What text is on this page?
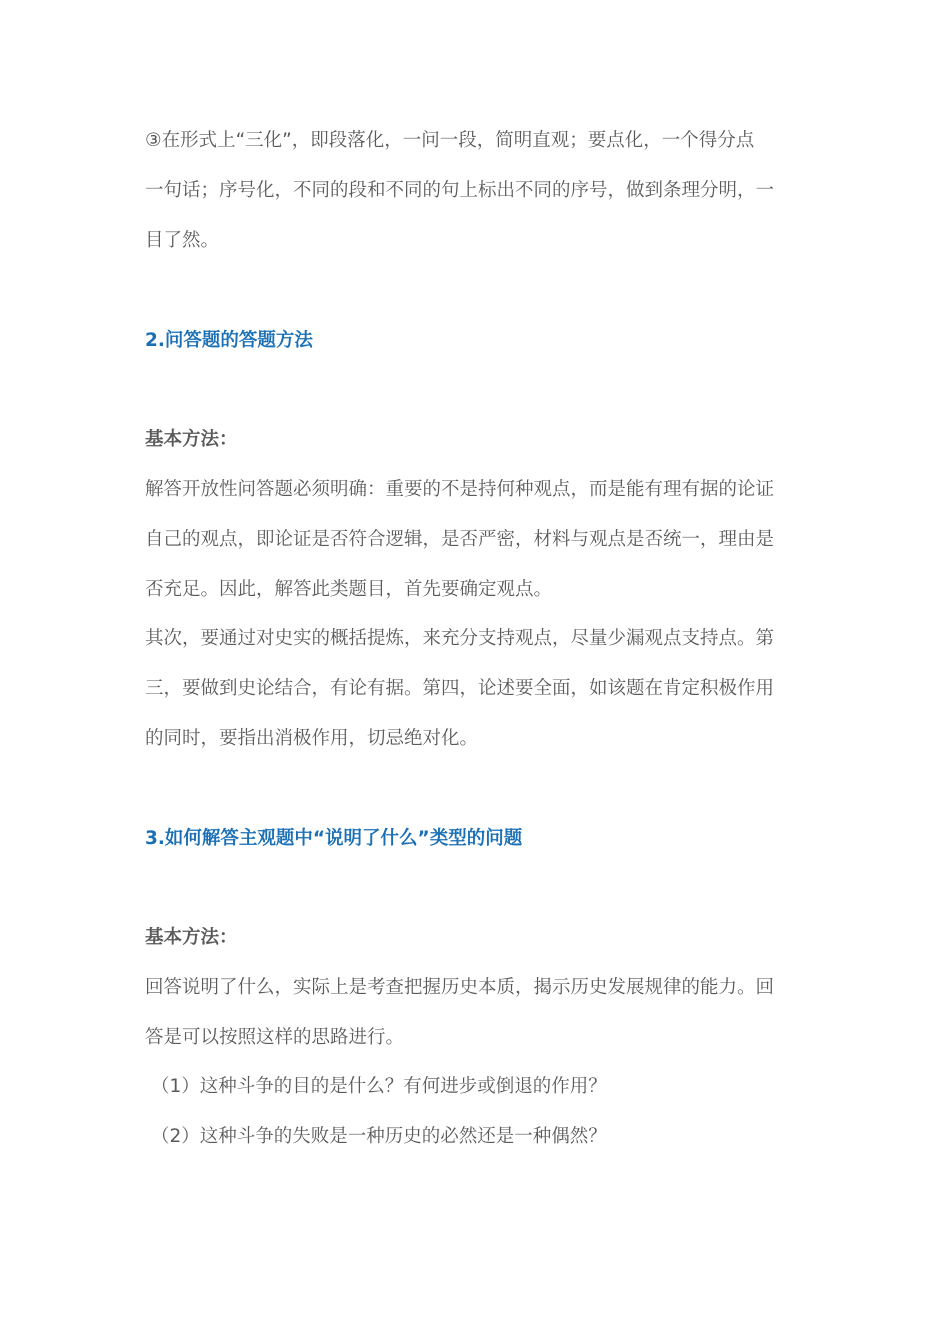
③在形式上“三化”，即段落化，一问一段，简明直观；要点化，一个得分点
一句话；序号化，不同的段和不同的句上标出不同的序号，做到条理分明，一
目了然。
2.问答题的答题方法
基本方法：
解答开放性问答题必须明确：重要的不是持何种观点，而是能有理有据的论证
自己的观点，即论证是否符合逻辑，是否严密，材料与观点是否统一，理由是
否充足。因此，解答此类题目，首先要确定观点。
其次，要通过对史实的概括提炼，来充分支持观点，尽量少漏观点支持点。第
三，要做到史论结合，有论有据。第四，论述要全面，如该题在肯定积极作用
的同时，要指出消极作用，切忌绝对化。
3.如何解答主观题中“说明了什么”类型的问题
基本方法：
回答说明了什么，实际上是考查把握历史本质，揭示历史发展规律的能力。回
答是可以按照这样的思路进行。
（1）这种斗争的目的是什么？有何进步或倒退的作用？
（2）这种斗争的失败是一种历史的必然还是一种偶然？
